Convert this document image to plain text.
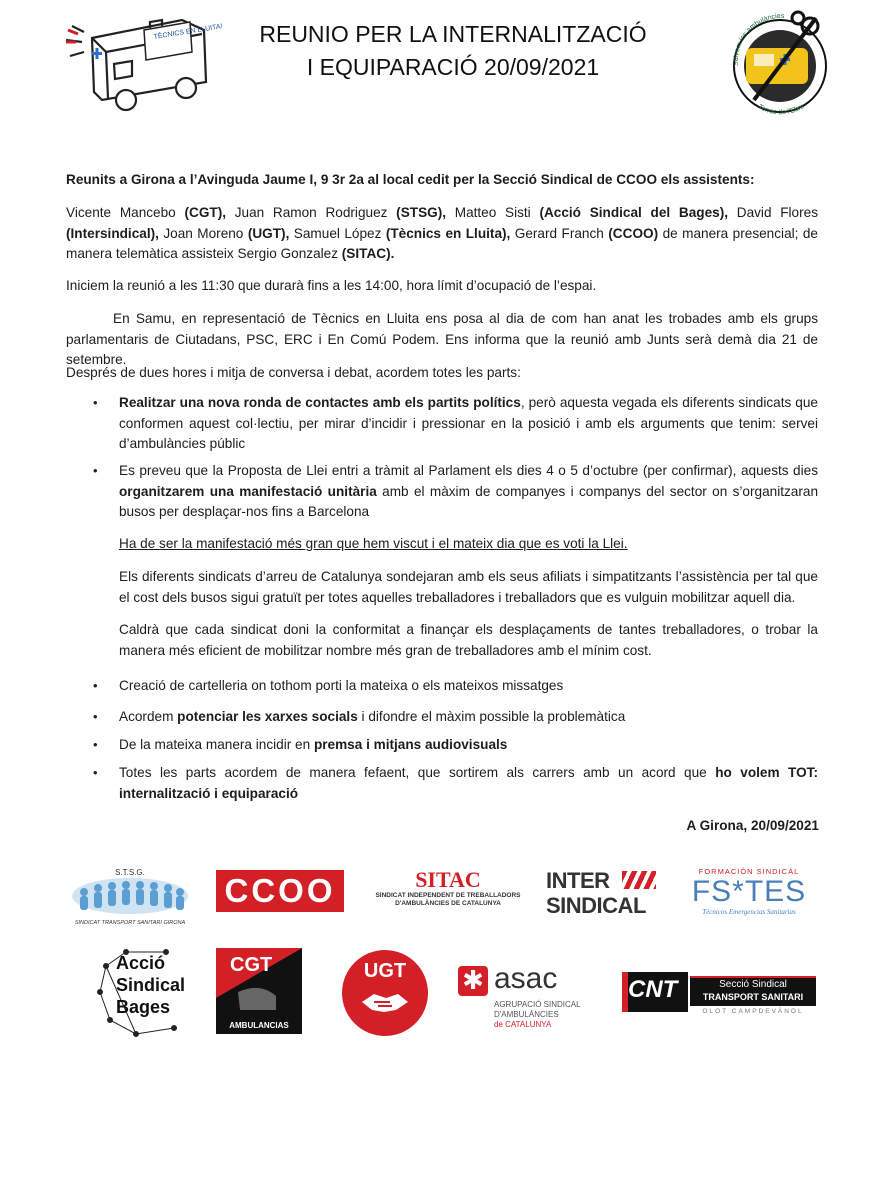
TÈCNICS EN LLUITA!	REUNIO PER LA INTERNALITZACIÓ
I EQUIPARACIÓ 20/09/2021	Salvem les ambulàncies
Terres de l'Ebre
Reunits a Girona a l’Avinguda Jaume I, 9 3r 2a al local cedit per la Secció Sindical de CCOO els assistents:
Vicente Mancebo (CGT), Juan Ramon Rodriguez (STSG), Matteo Sisti (Acció Sindical del Bages), David Flores (Intersindical), Joan Moreno (UGT), Samuel López (Tècnics en Lluita), Gerard Franch (CCOO) de manera presencial; de manera telemàtica assisteix Sergio Gonzalez (SITAC).
Iniciem la reunió a les 11:30 que durarà fins a les 14:00, hora límit d’ocupació de l’espai.
En Samu, en representació de Tècnics en Lluita ens posa al dia de com han anat les trobades amb els grups parlamentaris de Ciutadans, PSC, ERC i En Comú Podem. Ens informa que la reunió amb Junts serà demà dia 21 de setembre.
Després de dues hores i mitja de conversa i debat, acordem totes les parts:
• Realitzar una nova ronda de contactes amb els partits polítics, però aquesta vegada els diferents sindicats que conformen aquest col·lectiu, per mirar d’incidir i pressionar en la posició i amb els arguments que tenim: servei d’ambulàncies públic
• Es preveu que la Proposta de Llei entri a tràmit al Parlament els dies 4 o 5 d’octubre (per confirmar), aquests dies organitzarem una manifestació unitària amb el màxim de companyes i companys del sector on s’organitzaran busos per desplaçar-nos fins a Barcelona
Ha de ser la manifestació més gran que hem viscut i el mateix dia que es voti la Llei.
Els diferents sindicats d’arreu de Catalunya sondejaran amb els seus afiliats i simpatitzants l’assistència per tal que el cost dels busos sigui gratuït per totes aquelles treballadores i treballadors que es vulguin mobilitzar aquell dia.
Caldrà que cada sindicat doni la conformitat a finançar els desplaçaments de tantes treballadores, o trobar la manera més eficient de mobilitzar nombre més gran de treballadores amb el mínim cost.
• Creació de cartelleria on tothom porti la mateixa o els mateixos missatges
• Acordem potenciar les xarxes socials i difondre el màxim possible la problemàtica
• De la mateixa manera incidir en premsa i mitjans audiovisuals
• Totes les parts acordem de manera fefaent, que sortirem als carrers amb un acord que ho volem TOT: internalització i equiparació
A Girona, 20/09/2021
S.T.S.G.
SINDICAT TRANSPORT SANITARI GIRONA
CCOO	SITAC
SINDICAT INDEPENDENT DE TREBALLADORS
D'AMBULÀNCIES DE CATALUNYA
INTER
SINDICAL
FORMACIÓN SINDICAL
FS*TES
Técnicos Emergencias Sanitarias
Acció
Sindical
Bages
CGT
AMBULANCIAS
UGT	✱ asac
AGRUPACIÓ SINDICAL
D'AMBULÀNCIES
de CATALUNYA
CNT	Secció Sindical
TRANSPORT SANITARI
OLOT CAMPDEVÀNOL
